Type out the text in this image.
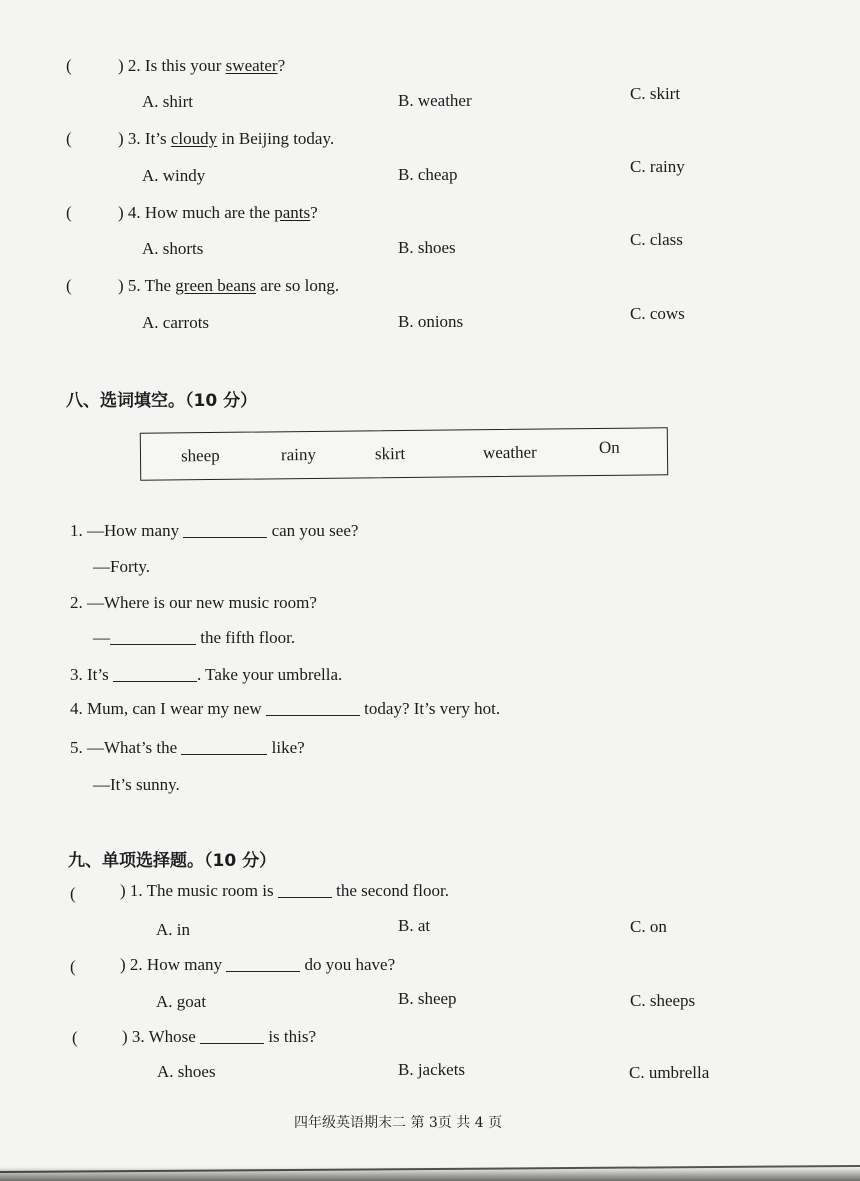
(	) 2. Is this your sweater?
A. shirt	B. weather	C. skirt
(	) 3. It’s cloudy in Beijing today.
A. windy	B. cheap	C. rainy
(	) 4. How much are the pants?
A. shorts	B. shoes	C. class
(	) 5. The green beans are so long.
A. carrots	B. onions	C. cows
八、选词填空。（10 分）
sheep	rainy	skirt	weather	On
1. —How many	can you see?
—Forty.
2. —Where is our new music room?
—	the fifth floor.
3. It’s	. Take your umbrella.
4. Mum, can I wear my new	today? It’s very hot.
5. —What’s the	like?
—It’s sunny.
九、单项选择题。（10 分）
(	) 1. The music room is	the second floor.
A. in	B. at	C. on
(	) 2. How many	do you have?
A. goat	B. sheep	C. sheeps
(	) 3. Whose	is this?
A. shoes	B. jackets	C. umbrella
四年级英语期末二 第 3页 共 4 页
